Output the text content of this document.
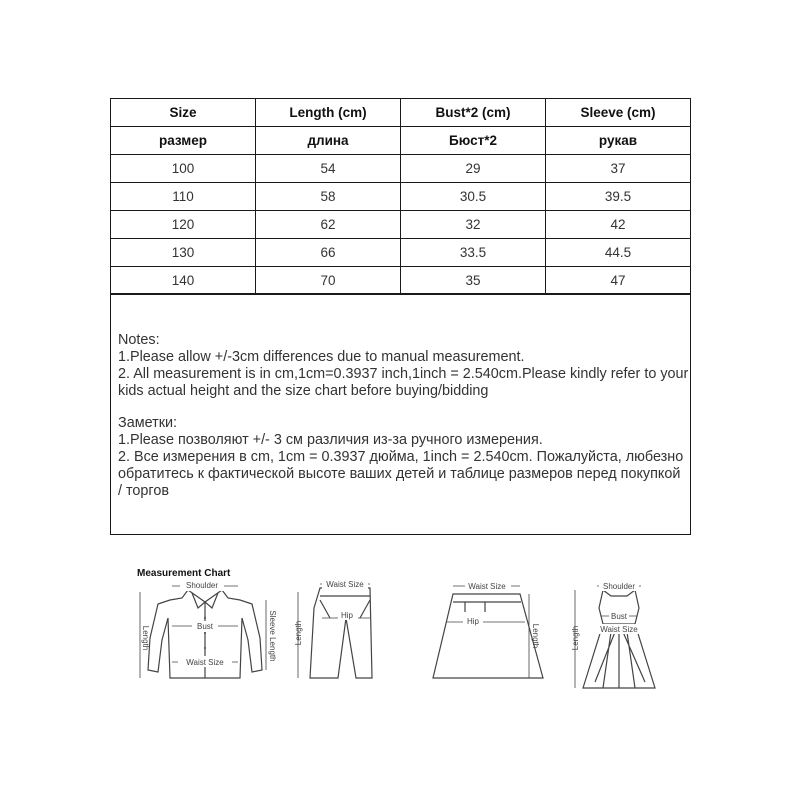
Size	Length (cm)	Bust*2 (cm)	Sleeve (cm)
размер	длина	Бюст*2	рукав
100	54	29	37
110	58	30.5	39.5
120	62	32	42
130	66	33.5	44.5
140	70	35	47
Notes:
1.Please allow +/-3cm differences due to manual measurement.
2. All measurement is in cm,1cm=0.3937 inch,1inch = 2.540cm.Please kindly refer to your
kids actual height and the size chart before buying/bidding
Заметки:
1.Please позволяют +/- 3 см различия из-за ручного измерения.
2. Все измерения в cm, 1cm = 0.3937 дюйма, 1inch = 2.540cm. Пожалуйста, любезно
обратитесь к фактической высоте ваших детей и таблице размеров перед покупкой
/ торгов
Measurement Chart
Shoulder
Bust
Waist Size
Length	Sleeve Length
Waist Size
Hip
Length
Waist Size
Hip
Length
Shoulder
Bust
Waist Size
Length
